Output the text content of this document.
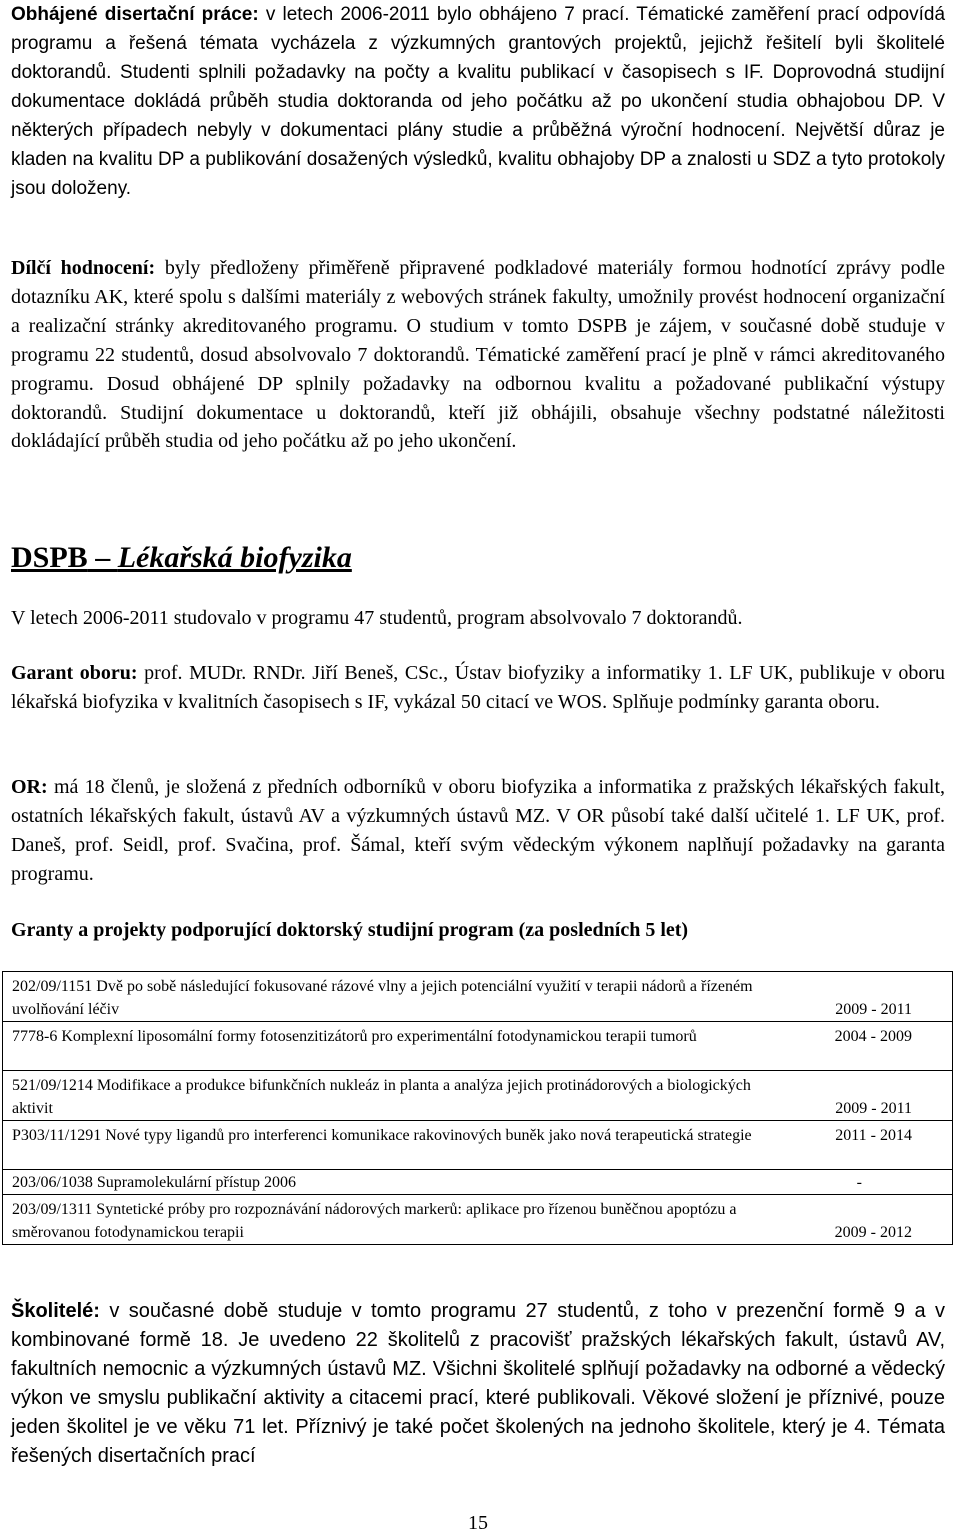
Obhájené disertační práce: v letech 2006-2011 bylo obhájeno 7 prací. Tématické zaměření prací odpovídá programu a řešená témata vycházela z výzkumných grantových projektů, jejichž řešitelí byli školitelé doktorandů. Studenti splnili požadavky na počty a kvalitu publikací v časopisech s IF. Doprovodná studijní dokumentace dokládá průběh studia doktoranda od jeho počátku až po ukončení studia obhajobou DP. V některých případech nebyly v dokumentaci plány studie a průběžná výroční hodnocení. Největší důraz je kladen na kvalitu DP a publikování dosažených výsledků, kvalitu obhajoby DP a znalosti u SDZ a tyto protokoly jsou doloženy.
Dílčí hodnocení: byly předloženy přiměřeně připravené podkladové materiály formou hodnotící zprávy podle dotazníku AK, které spolu s dalšími materiály z webových stránek fakulty, umožnily provést hodnocení organizační a realizační stránky akreditovaného programu. O studium v tomto DSPB je zájem, v současné době studuje v programu 22 studentů, dosud absolvovalo 7 doktorandů. Tématické zaměření prací je plně v rámci akreditovaného programu. Dosud obhájené DP splnily požadavky na odbornou kvalitu a požadované publikační výstupy doktorandů. Studijní dokumentace u doktorandů, kteří již obhájili, obsahuje všechny podstatné náležitosti dokládající průběh studia od jeho počátku až po jeho ukončení.
DSPB – Lékařská biofyzika
V letech 2006-2011 studovalo v programu 47 studentů, program absolvovalo 7 doktorandů.
Garant oboru: prof. MUDr. RNDr. Jiří Beneš, CSc., Ústav biofyziky a informatiky 1. LF UK, publikuje v oboru lékařská biofyzika v kvalitních časopisech s IF, vykázal 50 citací ve WOS. Splňuje podmínky garanta oboru.
OR: má 18 členů, je složená z předních odborníků v oboru biofyzika a informatika z pražských lékařských fakult, ostatních lékařských fakult, ústavů AV a výzkumných ústavů MZ. V OR působí také další učitelé 1. LF UK, prof. Daneš, prof. Seidl, prof. Svačina, prof. Šámal, kteří svým vědeckým výkonem naplňují požadavky na garanta programu.
Granty a projekty podporující doktorský studijní program (za posledních 5 let)
202/09/1151 Dvě po sobě následující fokusované rázové vlny a jejich potenciální využití v terapii nádorů a řízeném uvolňování léčiv	2009 - 2011

7778-6 Komplexní liposomální formy fotosenzitizátorů pro experimentální fotodynamickou terapii tumorů	2004 - 2009

521/09/1214 Modifikace a produkce bifunkčních nukleáz in planta a analýza jejich protinádorových a biologických aktivit	2009 - 2011

P303/11/1291 Nové typy ligandů pro interferenci komunikace rakovinových buněk jako nová terapeutická strategie	2011 - 2014

203/06/1038 Supramolekulární přístup 2006	-

203/09/1311 Syntetické próby pro rozpoznávání nádorových markerů: aplikace pro řízenou buněčnou apoptózu a směrovanou fotodynamickou terapii	2009 - 2012
Školitelé: v současné době studuje v tomto programu 27 studentů, z toho v prezenční formě 9 a v kombinované formě 18. Je uvedeno 22 školitelů z pracovišť pražských lékařských fakult, ústavů AV, fakultních nemocnic a výzkumných ústavů MZ. Všichni školitelé splňují požadavky na odborné a vědecký výkon ve smyslu publikační aktivity a citacemi prací, které publikovali. Věkové složení je příznivé, pouze jeden školitel je ve věku 71 let. Příznivý je také počet školených na jednoho školitele, který je 4. Témata řešených disertačních prací
15
